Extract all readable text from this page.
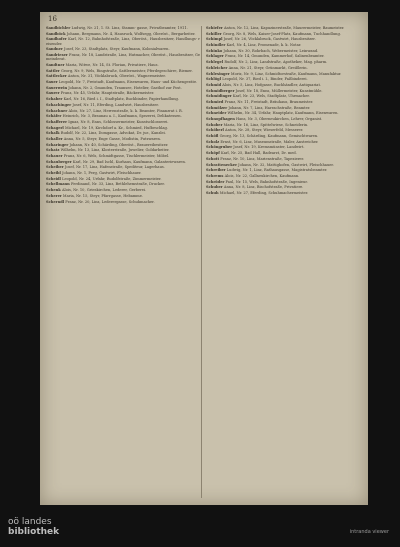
16

Sandbichler Ludwig, Nr. 21, 1. St. Linz, Stamm- gasse, Privatbeamter, 1911.

Sandböck Johann, Bergmann, Nr. 4, Hausruck, Wolfsegg, Oberöst., Bergarbeiter.

Sandhofer Karl, Nr. 12, Bahnhofstraße, Linz, Oberöst., Hausbesitzer, Handlungs- reisender.

Sandner Josef, Nr. 23, Stadtplatz, Steyr, Kaufmann, Kolonialwaren.

Sandrieser Franz, Nr. 18, Landstraße, Linz, Hutmacher, Oberöst., Hausbesitzer, Gemeinderat.

Sandtner Maria, Witwe, Nr. 14, St. Florian, Privatiere, Haus.

Sattler Georg, Nr. 9, Wels, Ringstraße, Sattlermeister, Pferdegeschirre, Riemer.

Sattlecker Anton, Nr. 31, Vöcklabruck, Oberöst., Wagnermeister.

Sauer Leopold, Nr. 7, Freistadt, Kaufmann, Eisenwaren, Haus- und Küchengeräte.

Sauerwein Johann, Nr. 2, Gmunden, Traunsee, Hotelier, Gasthof zur Post.

Saurer Franz, Nr. 45, Urfahr, Hauptstraße, Bäckermeister.

Schaber Karl, Nr. 16, Ried i. I., Stadtplatz, Buchbinder, Papierhandlung.

Schachinger Josef, Nr. 11, Eferding, Landwirt, Hausbesitzer.

Schachner Alois, Nr. 27, Linz, Herrenstraße, k. k. Beamter, Finanzrat i. R.

Schäfer Heinrich, Nr. 3, Braunau a. I., Kaufmann, Spezerei, Delikatessen.

Schafferer Ignaz, Nr. 8, Enns, Schlossermeister, Kunstschlosserei.

Schagerl Michael, Nr. 19, Kirchdorf a. Kr., Schmied, Hufbeschlag.

Schalk Rudolf, Nr. 22, Linz, Domgasse, Advokat, Dr. jur., Kanzlei.

Schaller Anna, Nr. 5, Steyr, Enge Gasse, Modistin, Putzwaren.

Scharinger Johann, Nr. 40, Schärding, Oberöst., Brauereibesitzer.

Schatz Wilhelm, Nr. 13, Linz, Klosterstraße, Juwelier, Goldarbeiter.

Schauer Franz, Nr. 6, Wels, Schmidtgasse, Tischlermeister, Möbel.

Schauberger Karl, Nr. 29, Bad Ischl, Kurhaus, Kaufmann, Galanteriewaren.

Scheiber Josef, Nr. 17, Linz, Hafenstraße, Spediteur, Lagerhaus.

Scheibl Johann, Nr. 1, Perg, Gastwirt, Fleischhauer.

Scheidl Leopold, Nr. 24, Urfahr, Rudolfstraße, Zimmermeister.

Schellmann Ferdinand, Nr. 33, Linz, Bethlehemstraße, Drucker.

Schenk Alois, Nr. 10, Grieskirchen, Lederer, Gerberei.

Scherer Maria, Nr. 15, Steyr, Pfarrgasse, Hebamme.

Scherndl Franz, Nr. 20, Linz, Lederergasse, Schuhmacher.

Schiefer Anton, Nr. 12, Linz, Kapuzinerstraße, Maurermeister, Baumeister.

Schiller Georg, Nr. 8, Wels, Kaiser-Josef-Platz, Kaufmann, Tuchhandlung.

Schimpl Josef, Nr. 26, Vöcklabruck, Gastwirt, Hausbesitzer.

Schindler Karl, Nr. 4, Linz, Promenade, k. k. Notar.

Schinko Johann, Nr. 30, Rohrbach, Webermeister, Leinwand.

Schlager Franz, Nr. 14, Gmunden, Kammerhof, Salinenbeamter.

Schlegel Rudolf, Nr. 2, Linz, Landstraße, Apotheker, Mag. pharm.

Schleicher Anna, Nr. 21, Steyr, Grünmarkt, Greißlerin.

Schlesinger Moriz, Nr. 9, Linz, Schmidtorstraße, Kaufmann, Manufaktur.

Schlögl Leopold, Nr. 37, Ried i. I., Binder, Faßbinderei.

Schmid Alois, Nr. 5, Linz, Hofgasse, Buchhändler, Antiquariat.

Schmidberger Josef, Nr. 18, Enns, Müllermeister, Kunstmühle.

Schmidinger Karl, Nr. 23, Wels, Stadtplatz, Uhrmacher.

Schmied Franz, Nr. 11, Freistadt, Bräuhaus, Braumeister.

Schmölzer Johann, Nr. 7, Linz, Harrachstraße, Beamter.

Schneider Wilhelm, Nr. 34, Urfahr, Hauptplatz, Kaufmann, Eisenwaren.

Schnopfhagen Hans, Nr. 3, Oberneukirchen, Lehrer, Organist.

Schober Maria, Nr. 16, Linz, Spittelwiese, Schneiderin.

Schöberl Anton, Nr. 28, Steyr, Wieserfeld, Messerer.

Schöfl Georg, Nr. 13, Schärding, Kaufmann, Gemischtwaren.

Scholz Ernst, Nr. 6, Linz, Museumstraße, Maler, Anstreicher.

Schöngruber Josef, Nr. 19, Kremsmünster, Landwirt.

Schöpf Karl, Nr. 25, Bad Hall, Badearzt, Dr. med.

Schott Franz, Nr. 10, Linz, Marienstraße, Tapezierer.

Schrattenecker Johann, Nr. 32, Mattighofen, Gastwirt, Fleischhauer.

Schreiber Ludwig, Nr. 1, Linz, Rathausgasse, Magistratsbeamter.

Schrems Alois, Nr. 22, Gallneukirchen, Kaufmann.

Schröder Paul, Nr. 15, Wels, Bahnhofstraße, Ingenieur.

Schuber Anna, Nr. 8, Linz, Bischofstraße, Privatiere.

Schuh Michael, Nr. 27, Eferding, Schuhmachermeister.

oö landes
bibliothek	intranda viewer
